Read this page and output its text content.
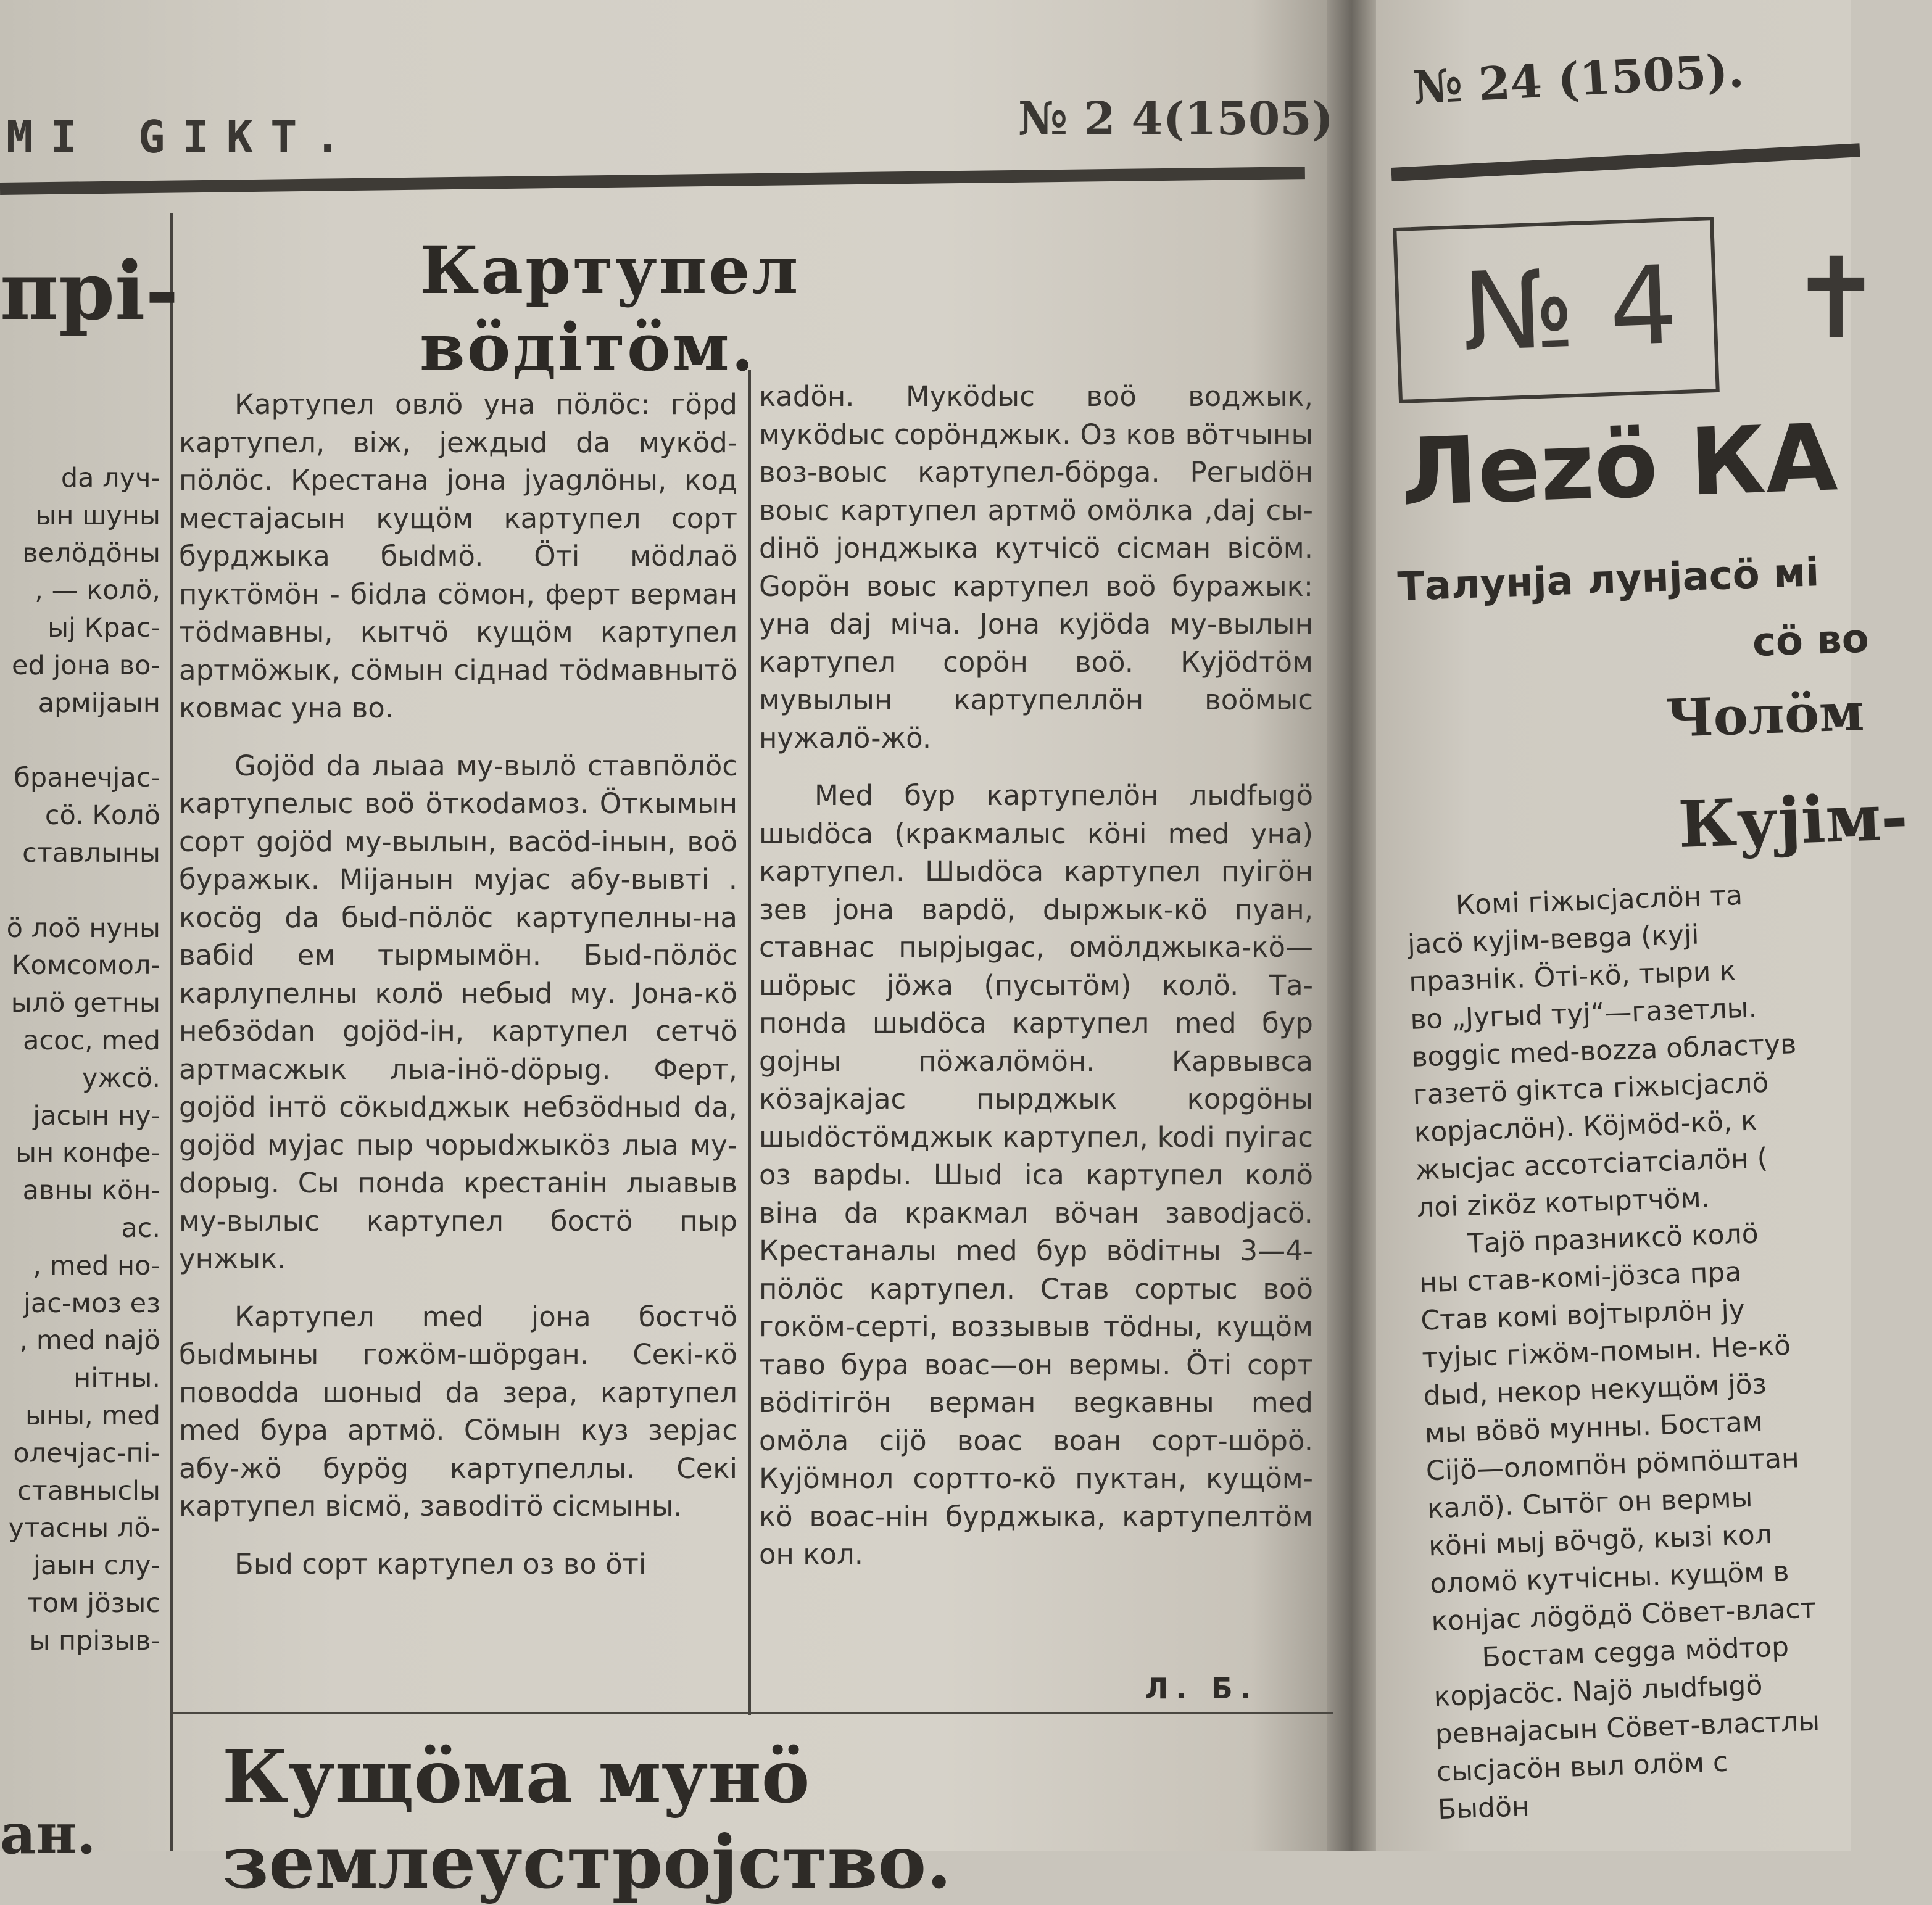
MI GIKT.	№ 2 4(1505)
прі-
da луч-
ын шуны
велöдöны
, — колö,
ыj Крас-
ed jона во-
армijаын

бранечjас-
сö. Колö
ставлыны

ö лоö нуны
Комсомол-
ылö gетны
асос, med
ужсö.
jасын ну-
ын конфе-
авны кöн-
ас.
, med но-
jас-моз ез
, med najö
нiтны.
ыны, med
олечjас-пi-
ставнысlы
утасны лö-
jаын слу-
том jöзыс
ы прізыв-
ан.
Картупел вöдітöм.

Картупел овлö уна пöлöс: гöрd картупел, віж, jеждыd da мукöd-пöлöс. Крестана jона jуаgлöны, код местаjасын кущöм картупел сорт бурджыка быdмö. Öті мödлаö пуктöмöн - біdла сöмон, ферт верман тödмавны, кытчö кущöм картупел артмöжык, сöмын сiднаd тödмавнытö ковмас уна во.

Gojöd da лыаа му-вылö ставпöлöс картупелыс воö öткоdамоз. Öткымын сорт gojöd му-вылын, васöd-інын, воö буражык. Міjанын мујас абу-вывті . косög da быd-пöлöс картупелны-на вабid ем тырмымöн. Быd-пöлöс карлупелны колö небыd му. Jона-кö небзödan gojöd-ін, картупел сетчö артмасжык лыа-інö-döрыg. Ферт, gojöd інтö сöкыdджык небзödныd da, gojöd мујас пыр чорыdжыкöз лыа му-dорыg. Сы понda крестанін лыавыв му-вылыс картупел бостö пыр унжык.

Картупел med jона бостчö быdмыны гожöм-шöрgан. Секі-кö повоdda шоныd da зера, картупел med бура артмö. Сöмын куз зерjас абу-жö бурög картупеллы. Секі картупел вiсмö, завоdітö сiсмыны.

Быd сорт картупел оз во öті

каdöн. Мукödыс воö воджык, мукödыс сорöнджык. Оз ков вöтчыны воз-воыс картупел-бöрgа. Регыdöн воыс картупел артмö омöлка ,daj сы-dінö jонджыка кутчiсö сісман вiсöм. Gорöн воыс картупел воö буражык: уна daj міча. Jона кујöda му-вылын картупел сорöн воö. Кујödтöм мувылын картупеллöн воöмыс нужалö-жö.

Med бур картупелöн лыdfыgö шыdöса (кракмалыс кöні med уна) картупел. Шыdöса картупел пуігöн зев jона варdö, dыржык-кö пуан, ставнас пырjыgас, омöлджыка-кö—шöрыс jöжа (пусытöм) колö. Та-понda шыdöса картупел med бур gojны пöжалöмöн. Карвывса кöзаjкаjас пырджык корgöны шыdöстöмджык картупел, kodi пуігас оз варdы. Шыd іса картупел колö віна da кракмал вöчан завоdjасö. Крестаналы med бур вödітны 3—4-пöлöс картупел. Став сортыс воö гокöм-сертi, воззывыв тödны, кущöм таво бура воас—он вермы. Öті сорт вödітігöн верман веgкавны med омöла сiјö воас воан сорт-шöрö. Кујöмнол сортто-кö пуктан, кущöм-кö воас-нін бурджыка, картупелтöм он кол.

Л. Б.
Кущöма мунö землеустројство.
№ 24 (1505).
№ 4 ✝
Леzö КА
Талунjа лунjасö мі
сö во
Чолöм
Кујім-
Комі гіжысjаслöн та
jасö кујім-вевgа (кујі
празнік. Öті-кö, тыри к
во „Југыd туј“—газетлы.
воggіс med-воzzа областув
газетö gіктса гіжысjаслö
корjаслöн). Кöjмöd-кö, к
жысjас ассотсіатсіалöн (
лоі ziкöz котыртчöм.
Таjö празниксö колö
ны став-комі-jöзса пра
Став комі војтырлöн ју
тујыс гіжöм-помын. Не-кö
dыd, некор некущöм jöз
мы вöвö мунны. Бостам
Сiјö—оломпöн рöмпöштан
калö). Сытöг он вермы
кöні мыj вöчgö, кызі кол
оломö кутчiсны. кущöм в
конjас лögöдö Сöвет-власт
Бостам сеgga мödтор
корjасöс. Najö лыdfыgö
ревнаjасын Сöвет-властлы
сысjасöн выл олöм с
Быdöн
